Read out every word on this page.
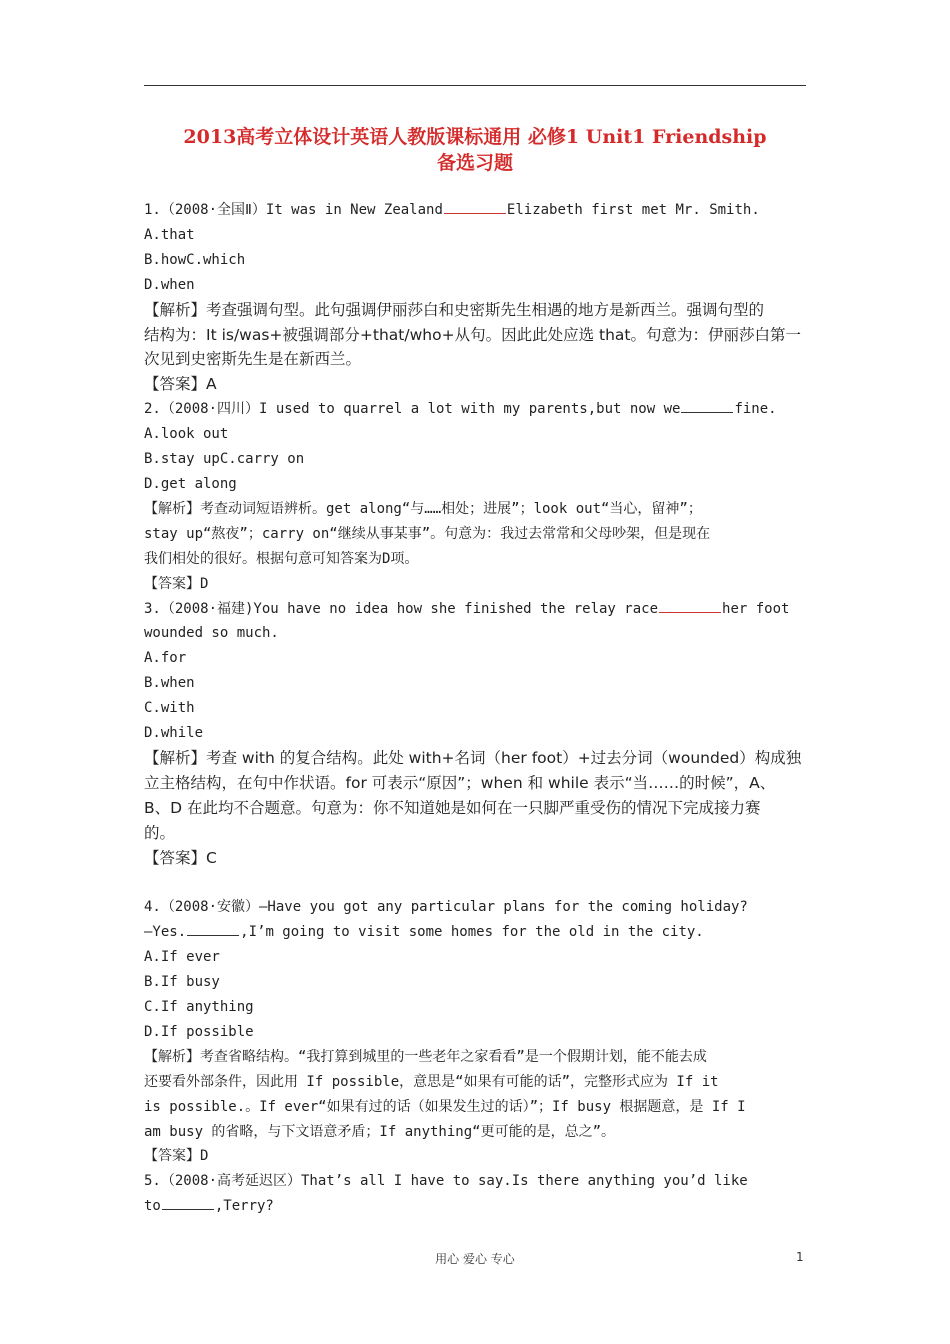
2013高考立体设计英语人教版课标通用 必修1 Unit1 Friendship
备选习题
1.（2008·全国Ⅱ）It was in New Zealand	Elizabeth first met Mr. Smith.
A.that
B.howC.which
D.when
【解析】考查强调句型。此句强调伊丽莎白和史密斯先生相遇的地方是新西兰。强调句型的
结构为：It is/was+被强调部分+that/who+从句。因此此处应选 that。句意为：伊丽莎白第一
次见到史密斯先生是在新西兰。
【答案】A
2.（2008·四川）I used to quarrel a lot with my parents,but now we	fine.
A.look out
B.stay upC.carry on
D.get along
【解析】考查动词短语辨析。get along“与……相处；进展”；look out“当心，留神”；
stay up“熬夜”；carry on“继续从事某事”。句意为：我过去常常和父母吵架，但是现在
我们相处的很好。根据句意可知答案为D项。
【答案】D
3.（2008·福建)You have no idea how she finished the relay race	her foot
wounded so much.
A.for
B.when
C.with
D.while
【解析】考查 with 的复合结构。此处 with+名词（her foot）+过去分词（wounded）构成独
立主格结构，在句中作状语。for 可表示“原因”；when 和 while 表示“当……的时候”，A、
B、D 在此均不合题意。句意为：你不知道她是如何在一只脚严重受伤的情况下完成接力赛
的。
【答案】C
4.（2008·安徽）—Have you got any particular plans for the coming holiday?
—Yes.	,I’m going to visit some homes for the old in the city.
A.If ever
B.If busy
C.If anything
D.If possible
【解析】考查省略结构。“我打算到城里的一些老年之家看看”是一个假期计划，能不能去成
还要看外部条件，因此用 If possible，意思是“如果有可能的话”，完整形式应为 If it
is possible.。If ever“如果有过的话（如果发生过的话）”；If busy 根据题意，是 If I
am busy 的省略，与下文语意矛盾；If anything“更可能的是，总之”。
【答案】D
5.（2008·高考延迟区）That’s all I have to say.Is there anything you’d like
to	,Terry?
用心 爱心 专心	1
